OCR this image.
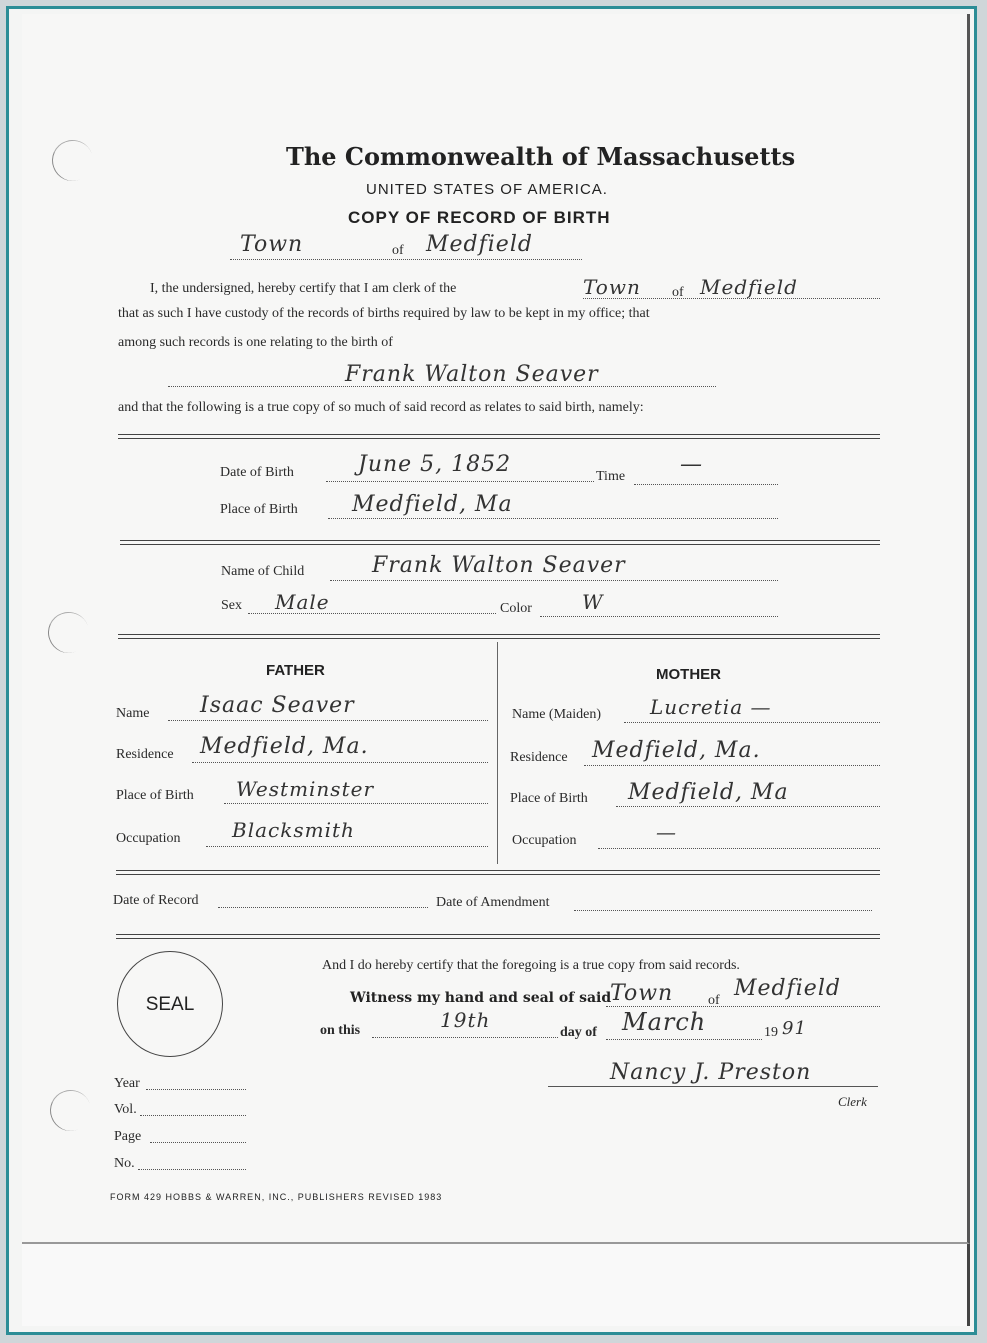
The Commonwealth of Massachusetts
UNITED STATES OF AMERICA.
COPY OF RECORD OF BIRTH
Town	of Medfield
I, the undersigned, hereby certify that I am clerk of the	Town of Medfield
that as such I have custody of the records of births required by law to be kept in my office; that
among such records is one relating to the birth of
Frank Walton Seaver
and that the following is a true copy of so much of said record as relates to said birth, namely:
Date of Birth	June 5, 1852	Time —
Place of Birth Medfield, Ma
Name of Child	Frank Walton Seaver
Sex Male	Color	W
FATHER
Name Isaac Seaver
Residence Medfield, Ma.
Place of Birth Westminster
Occupation	Blacksmith
MOTHER
Name (Maiden) Lucretia —
Residence Medfield, Ma.
Place of Birth Medfield, Ma
Occupation	—
Date of Record	Date of Amendment
SEAL
And I do hereby certify that the foregoing is a true copy from said records.
Witness my hand and seal of said
Town of Medfield
on this	19th
day of March	19 91
Nancy J. Preston
Clerk
Year
Vol.
Page
No.
FORM 429 HOBBS & WARREN, INC., PUBLISHERS REVISED 1983
